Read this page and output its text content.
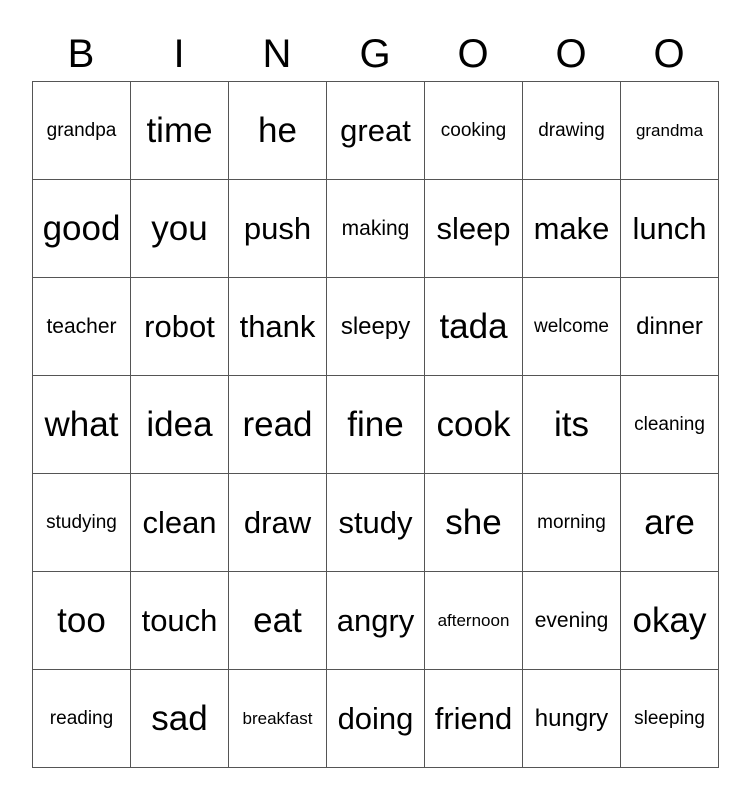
B	I	N	G	O	O	O
grandpa	time	he	great	cooking	drawing	grandma
good	you	push	making	sleep	make	lunch
teacher	robot	thank	sleepy	tada	welcome	dinner
what	idea	read	fine	cook	its	cleaning
studying	clean	draw	study	she	morning	are
too	touch	eat	angry	afternoon	evening	okay
reading	sad	breakfast	doing	friend	hungry	sleeping
